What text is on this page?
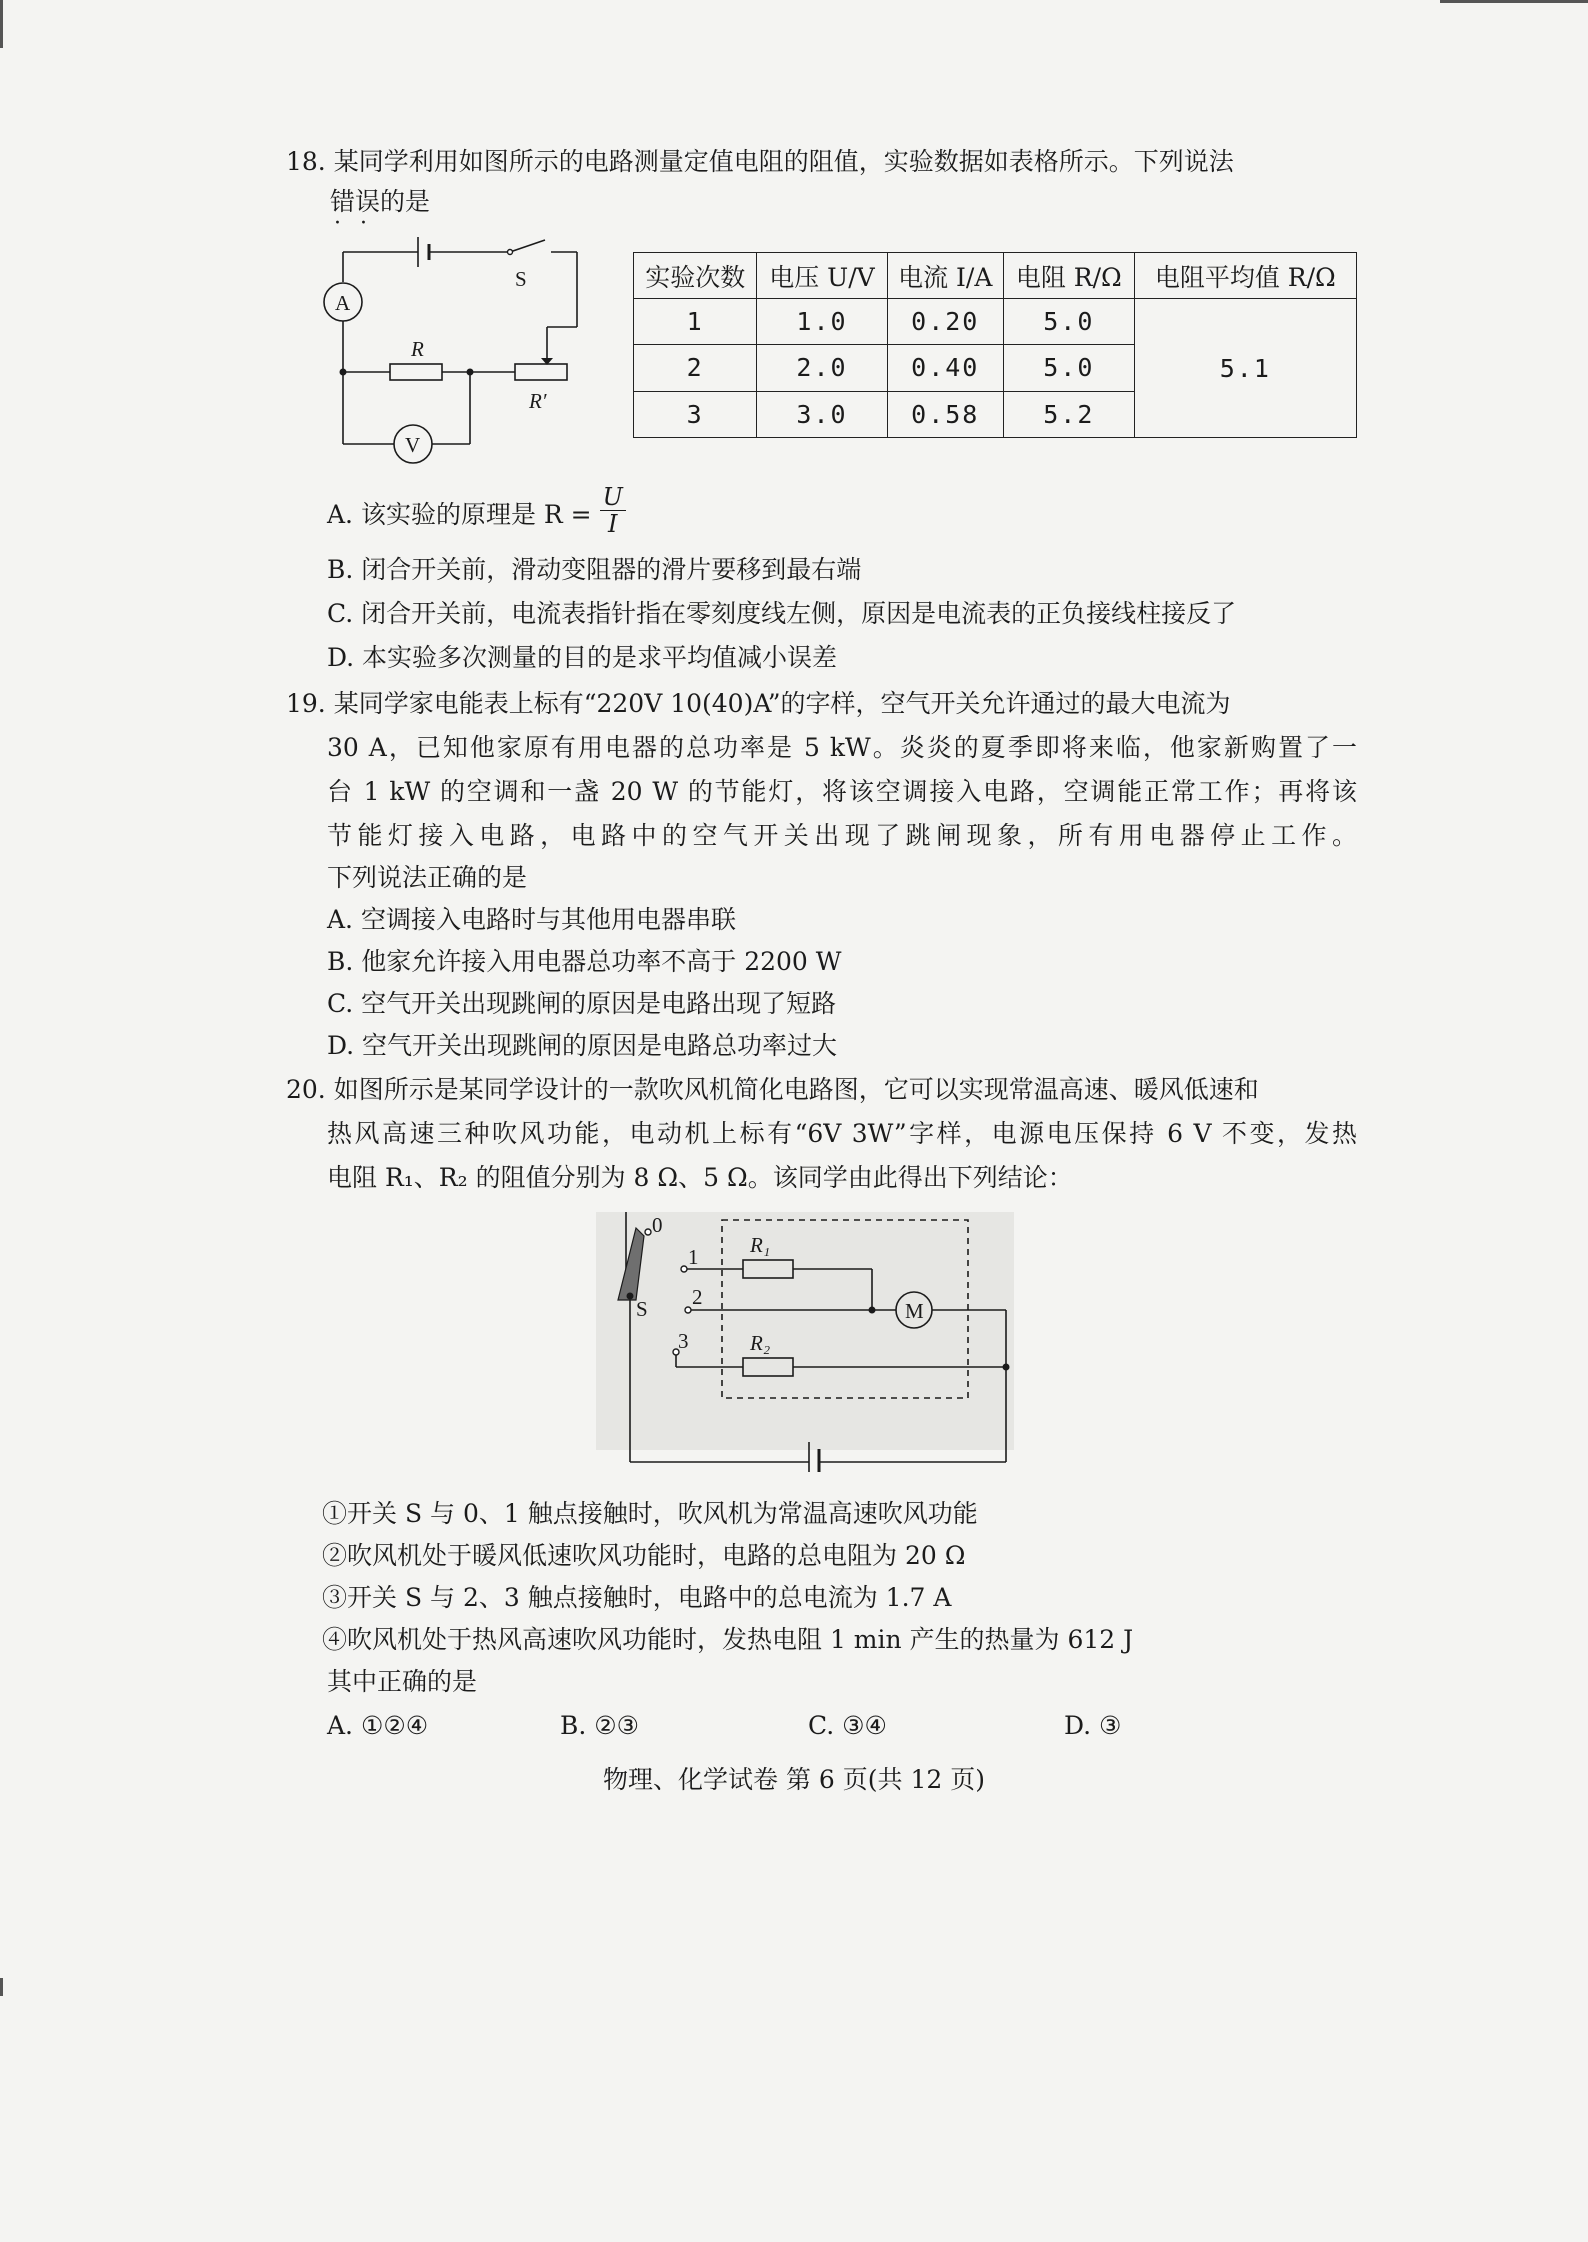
18. 某同学利用如图所示的电路测量定值电阻的阻值，实验数据如表格所示。下列说法
错误的是 · ·
A
V
S
R
R′
实验次数	电压 U/V	电流 I/A	电阻 R/Ω	电阻平均值 R/Ω
1	1.0	0.20	5.0	5.1
2	2.0	0.40	5.0	
3	3.0	0.58	5.2	
A. 该实验的原理是 $R = \frac{U}{I}$
B. 闭合开关前，滑动变阻器的滑片要移到最右端
C. 闭合开关前，电流表指针指在零刻度线左侧，原因是电流表的正负接线柱接反了
D. 本实验多次测量的目的是求平均值减小误差
19. 某同学家电能表上标有“220V 10(40)A”的字样，空气开关允许通过的最大电流为
30 A，已知他家原有用电器的总功率是 5 kW。炎炎的夏季即将来临，他家新购置了一
台 1 kW 的空调和一盏 20 W 的节能灯，将该空调接入电路，空调能正常工作；再将该
节能灯接入电路，电路中的空气开关出现了跳闸现象，所有用电器停止工作。
下列说法正确的是
A. 空调接入电路时与其他用电器串联
B. 他家允许接入用电器总功率不高于 2200 W
C. 空气开关出现跳闸的原因是电路出现了短路
D. 空气开关出现跳闸的原因是电路总功率过大
20. 如图所示是某同学设计的一款吹风机简化电路图，它可以实现常温高速、暖风低速和
热风高速三种吹风功能，电动机上标有“6V 3W”字样，电源电压保持 6 V 不变，发热
电阻 R₁、R₂ 的阻值分别为 8 Ω、5 Ω。该同学由此得出下列结论：
0
1
2
3
S
R₁
R₂
M
①开关 S 与 0、1 触点接触时，吹风机为常温高速吹风功能
②吹风机处于暖风低速吹风功能时，电路的总电阻为 20 Ω
③开关 S 与 2、3 触点接触时，电路中的总电流为 1.7 A
④吹风机处于热风高速吹风功能时，发热电阻 1 min 产生的热量为 612 J
其中正确的是
A. ①②④	B. ②③	C. ③④	D. ③
物理、化学试卷 第 6 页(共 12 页)
